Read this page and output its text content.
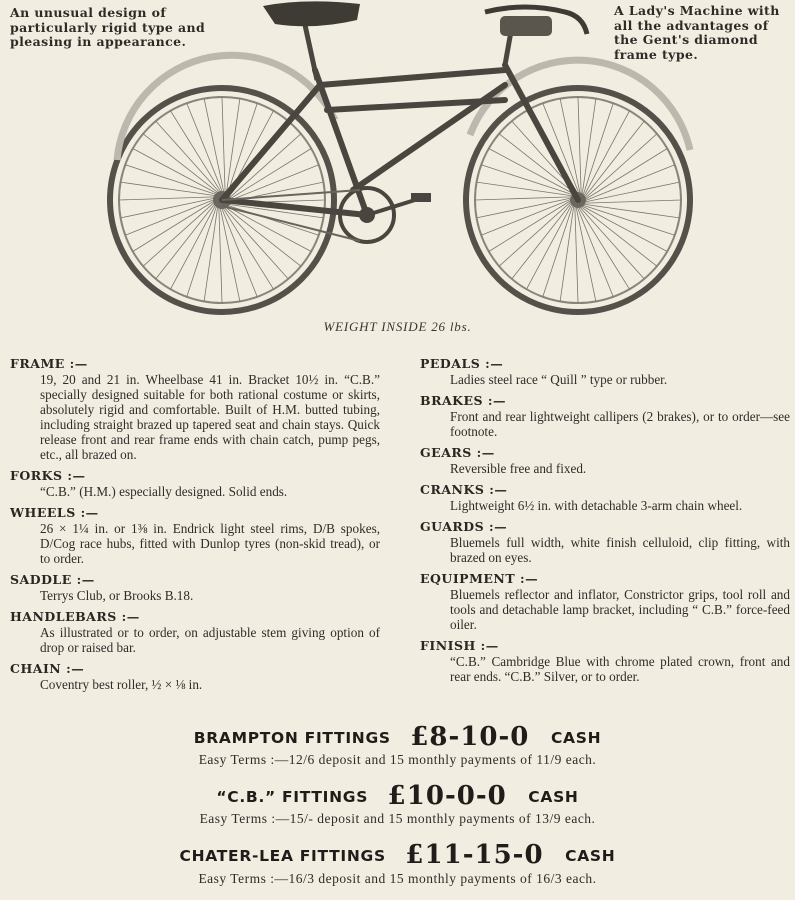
An unusual design of particularly rigid type and pleasing in appearance.
A Lady's Machine with all the advantages of the Gent's diamond frame type.
WEIGHT INSIDE 26 lbs.
FRAME :—
19, 20 and 21 in. Wheelbase 41 in. Bracket 10½ in. “C.B.” specially designed suitable for both rational costume or skirts, absolutely rigid and comfortable. Built of H.M. butted tubing, including straight brazed up tapered seat and chain stays. Quick release front and rear frame ends with chain catch, pump pegs, etc., all brazed on.
FORKS :—
“C.B.” (H.M.) especially designed. Solid ends.
WHEELS :—
26 × 1¼ in. or 1⅜ in. Endrick light steel rims, D/B spokes, D/Cog race hubs, fitted with Dunlop tyres (non-skid tread), or to order.
SADDLE :—
Terrys Club, or Brooks B.18.
HANDLEBARS :—
As illustrated or to order, on adjustable stem giving option of drop or raised bar.
CHAIN :—
Coventry best roller, ½ × ⅛ in.
PEDALS :—
Ladies steel race “ Quill ” type or rubber.
BRAKES :—
Front and rear lightweight callipers (2 brakes), or to order—see footnote.
GEARS :—
Reversible free and fixed.
CRANKS :—
Lightweight 6½ in. with detachable 3-arm chain wheel.
GUARDS :—
Bluemels full width, white finish celluloid, clip fitting, with brazed on eyes.
EQUIPMENT :—
Bluemels reflector and inflator, Constrictor grips, tool roll and tools and detachable lamp bracket, including “ C.B.” force-feed oiler.
FINISH :—
“C.B.” Cambridge Blue with chrome plated crown, front and rear ends. “C.B.” Silver, or to order.
BRAMPTON FITTINGS £8-10-0 CASH
Easy Terms :—12/6 deposit and 15 monthly payments of 11/9 each.
“C.B.” FITTINGS £10-0-0 CASH
Easy Terms :—15/- deposit and 15 monthly payments of 13/9 each.
CHATER-LEA FITTINGS £11-15-0 CASH
Easy Terms :—16/3 deposit and 15 monthly payments of 16/3 each.
